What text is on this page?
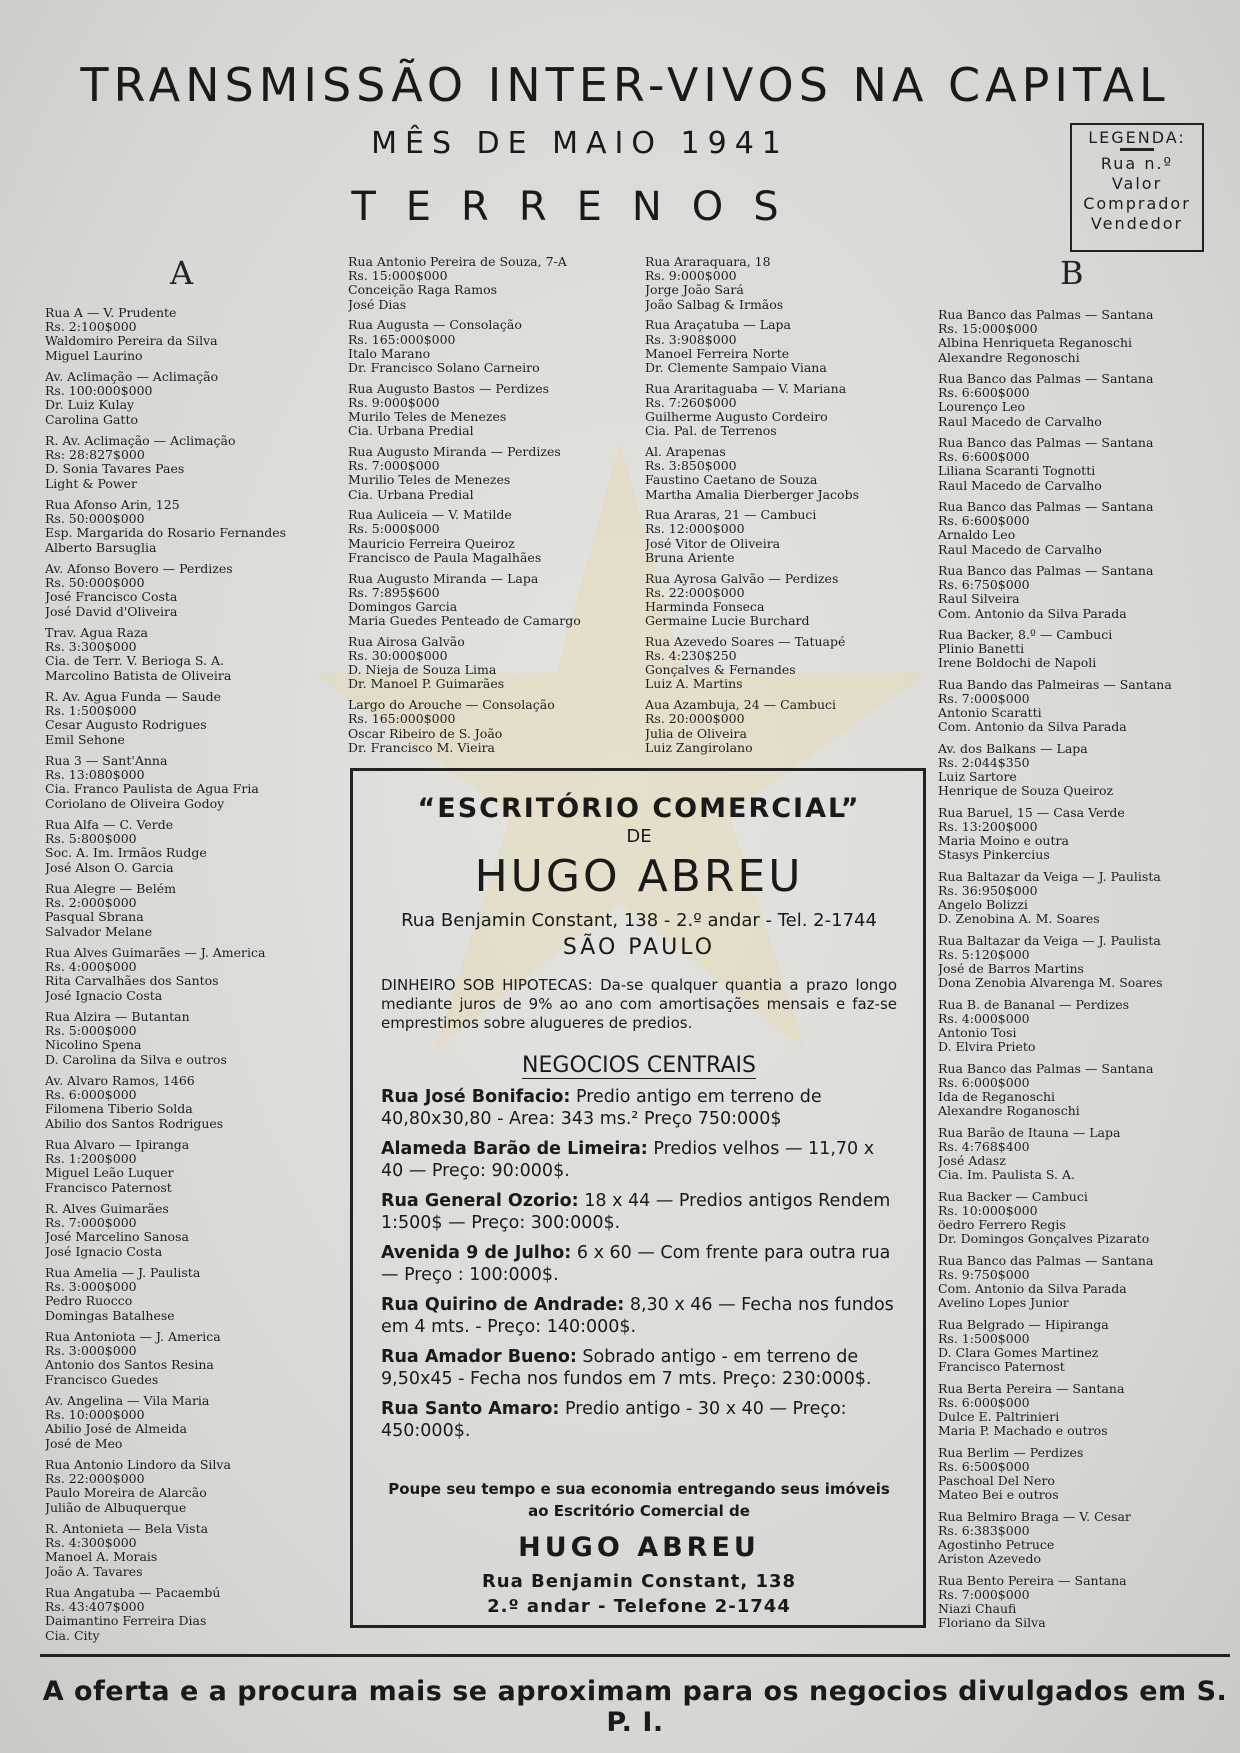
TRANSMISSÃO INTER-VIVOS NA CAPITAL
MÊS DE MAIO 1941
TERRENOS
LEGENDA:
Rua n.º
Valor
Comprador
Vendedor
A	B
Rua A — V. Prudente
Rs. 2:100$000
Waldomiro Pereira da Silva
Miguel Laurino
Av. Aclimação — Aclimação
Rs. 100:000$000
Dr. Luiz Kulay
Carolina Gatto
R. Av. Aclimação — Aclimação
Rs: 28:827$000
D. Sonia Tavares Paes
Light & Power
Rua Afonso Arin, 125
Rs. 50:000$000
Esp. Margarida do Rosario Fernandes
Alberto Barsuglia
Av. Afonso Bovero — Perdizes
Rs. 50:000$000
José Francisco Costa
José David d'Oliveira
Trav. Agua Raza
Rs. 3:300$000
Cia. de Terr. V. Berioga S. A.
Marcolino Batista de Oliveira
R. Av. Agua Funda — Saude
Rs. 1:500$000
Cesar Augusto Rodrigues
Emil Sehone
Rua 3 — Sant'Anna
Rs. 13:080$000
Cia. Franco Paulista de Agua Fria
Coriolano de Oliveira Godoy
Rua Alfa — C. Verde
Rs. 5:800$000
Soc. A. Im. Irmãos Rudge
José Alson O. Garcia
Rua Alegre — Belém
Rs. 2:000$000
Pasqual Sbrana
Salvador Melane
Rua Alves Guimarães — J. America
Rs. 4:000$000
Rita Carvalhães dos Santos
José Ignacio Costa
Rua Alzira — Butantan
Rs. 5:000$000
Nicolino Spena
D. Carolina da Silva e outros
Av. Alvaro Ramos, 1466
Rs. 6:000$000
Filomena Tiberio Solda
Abilio dos Santos Rodrigues
Rua Alvaro — Ipiranga
Rs. 1:200$000
Miguel Leão Luquer
Francisco Paternost
R. Alves Guimarães
Rs. 7:000$000
José Marcelino Sanosa
José Ignacio Costa
Rua Amelia — J. Paulista
Rs. 3:000$000
Pedro Ruocco
Domingas Batalhese
Rua Antoniota — J. America
Rs. 3:000$000
Antonio dos Santos Resina
Francisco Guedes
Av. Angelina — Vila Maria
Rs. 10:000$000
Abilio José de Almeida
José de Meo
Rua Antonio Lindoro da Silva
Rs. 22:000$000
Paulo Moreira de Alarcão
Julião de Albuquerque
R. Antonieta — Bela Vista
Rs. 4:300$000
Manoel A. Morais
João A. Tavares
Rua Angatuba — Pacaembú
Rs. 43:407$000
Daimantino Ferreira Dias
Cia. City
Rua Antonio Pereira de Souza, 7-A
Rs. 15:000$000
Conceição Raga Ramos
José Dias
Rua Augusta — Consolação
Rs. 165:000$000
Italo Marano
Dr. Francisco Solano Carneiro
Rua Augusto Bastos — Perdizes
Rs. 9:000$000
Murilo Teles de Menezes
Cia. Urbana Predial
Rua Augusto Miranda — Perdizes
Rs. 7:000$000
Murilio Teles de Menezes
Cia. Urbana Predial
Rua Auliceia — V. Matilde
Rs. 5:000$000
Mauricio Ferreira Queiroz
Francisco de Paula Magalhães
Rua Augusto Miranda — Lapa
Rs. 7:895$600
Domingos Garcia
Maria Guedes Penteado de Camargo
Rua Airosa Galvão
Rs. 30:000$000
D. Nieja de Souza Lima
Dr. Manoel P. Guimarães
Largo do Arouche — Consolação
Rs. 165:000$000
Oscar Ribeiro de S. João
Dr. Francisco M. Vieira
Rua Araraquara, 18
Rs. 9:000$000
Jorge João Sará
João Salbag & Irmãos
Rua Araçatuba — Lapa
Rs. 3:908$000
Manoel Ferreira Norte
Dr. Clemente Sampaio Viana
Rua Araritaguaba — V. Mariana
Rs. 7:260$000
Guilherme Augusto Cordeiro
Cia. Pal. de Terrenos
Al. Arapenas
Rs. 3:850$000
Faustino Caetano de Souza
Martha Amalia Dierberger Jacobs
Rua Araras, 21 — Cambuci
Rs. 12:000$000
José Vitor de Oliveira
Bruna Ariente
Rua Ayrosa Galvão — Perdizes
Rs. 22:000$000
Harminda Fonseca
Germaine Lucie Burchard
Rua Azevedo Soares — Tatuapé
Rs. 4:230$250
Gonçalves & Fernandes
Luiz A. Martins
Aua Azambuja, 24 — Cambuci
Rs. 20:000$000
Julia de Oliveira
Luiz Zangirolano
Rua Banco das Palmas — Santana
Rs. 15:000$000
Albina Henriqueta Reganoschi
Alexandre Regonoschi
Rua Banco das Palmas — Santana
Rs. 6:600$000
Lourenço Leo
Raul Macedo de Carvalho
Rua Banco das Palmas — Santana
Rs. 6:600$000
Liliana Scaranti Tognotti
Raul Macedo de Carvalho
Rua Banco das Palmas — Santana
Rs. 6:600$000
Arnaldo Leo
Raul Macedo de Carvalho
Rua Banco das Palmas — Santana
Rs. 6:750$000
Raul Silveira
Com. Antonio da Silva Parada
Rua Backer, 8.º — Cambuci
Plinio Banetti
Irene Boldochi de Napoli
Rua Bando das Palmeiras — Santana
Rs. 7:000$000
Antonio Scaratti
Com. Antonio da Silva Parada
Av. dos Balkans — Lapa
Rs. 2:044$350
Luiz Sartore
Henrique de Souza Queiroz
Rua Baruel, 15 — Casa Verde
Rs. 13:200$000
Maria Moino e outra
Stasys Pinkercius
Rua Baltazar da Veiga — J. Paulista
Rs. 36:950$000
Angelo Bolizzi
D. Zenobina A. M. Soares
Rua Baltazar da Veiga — J. Paulista
Rs. 5:120$000
José de Barros Martins
Dona Zenobia Alvarenga M. Soares
Rua B. de Bananal — Perdizes
Rs. 4:000$000
Antonio Tosi
D. Elvira Prieto
Rua Banco das Palmas — Santana
Rs. 6:000$000
Ida de Reganoschi
Alexandre Roganoschi
Rua Barão de Itauna — Lapa
Rs. 4:768$400
José Adasz
Cia. Im. Paulista S. A.
Rua Backer — Cambuci
Rs. 10:000$000
öedro Ferrero Regis
Dr. Domingos Gonçalves Pizarato
Rua Banco das Palmas — Santana
Rs. 9:750$000
Com. Antonio da Silva Parada
Avelino Lopes Junior
Rua Belgrado — Hipiranga
Rs. 1:500$000
D. Clara Gomes Martinez
Francisco Paternost
Rua Berta Pereira — Santana
Rs. 6:000$000
Dulce E. Paltrinieri
Maria P. Machado e outros
Rua Berlim — Perdizes
Rs. 6:500$000
Paschoal Del Nero
Mateo Bei e outros
Rua Belmiro Braga — V. Cesar
Rs. 6:383$000
Agostinho Petruce
Ariston Azevedo
Rua Bento Pereira — Santana
Rs. 7:000$000
Niazi Chaufi
Floriano da Silva
“ESCRITÓRIO COMERCIAL”
DE
HUGO ABREU
Rua Benjamin Constant, 138 - 2.º andar - Tel. 2-1744
SÃO PAULO
DINHEIRO SOB HIPOTECAS: Da-se qualquer quantia a prazo longo mediante juros de 9% ao ano com amortisações mensais e faz-se emprestimos sobre alugueres de predios.
NEGOCIOS CENTRAIS
Rua José Bonifacio: Predio antigo em terreno de 40,80x30,80 - Area: 343 ms.² Preço 750:000$
Alameda Barão de Limeira: Predios velhos — 11,70 x 40 — Preço: 90:000$.
Rua General Ozorio: 18 x 44 — Predios antigos Rendem 1:500$ — Preço: 300:000$.
Avenida 9 de Julho: 6 x 60 — Com frente para outra rua — Preço : 100:000$.
Rua Quirino de Andrade: 8,30 x 46 — Fecha nos fundos em 4 mts. - Preço: 140:000$.
Rua Amador Bueno: Sobrado antigo - em terreno de 9,50x45 - Fecha nos fundos em 7 mts. Preço: 230:000$.
Rua Santo Amaro: Predio antigo - 30 x 40 — Preço: 450:000$.
Poupe seu tempo e sua economia entregando seus imóveis
ao Escritório Comercial de
HUGO ABREU
Rua Benjamin Constant, 138
2.º andar - Telefone 2-1744
A oferta e a procura mais se aproximam para os negocios divulgados em S. P. I.
